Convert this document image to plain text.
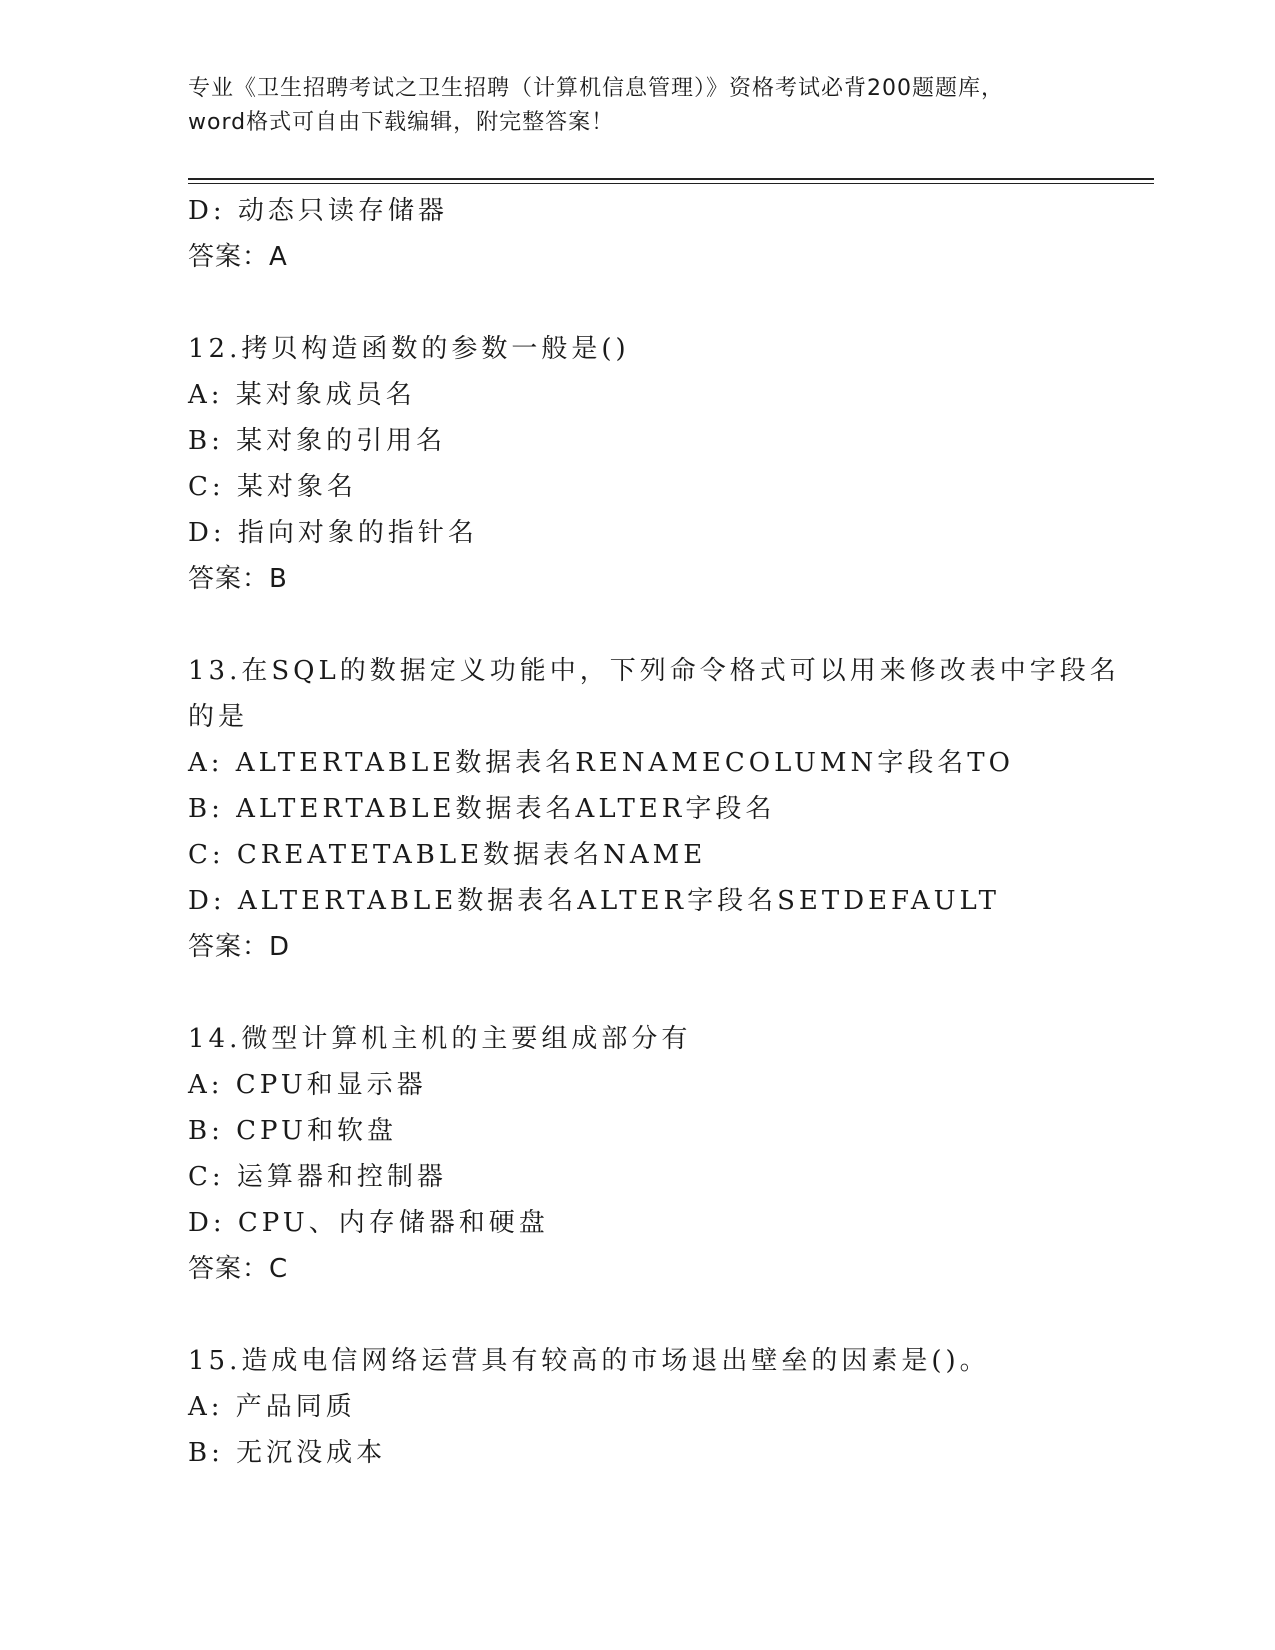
专业《卫生招聘考试之卫生招聘（计算机信息管理）》资格考试必背200题题库，
word格式可自由下载编辑，附完整答案！
D: 动态只读存储器
答案：A
12.拷贝构造函数的参数一般是()
A: 某对象成员名
B: 某对象的引用名
C: 某对象名
D: 指向对象的指针名
答案：B
13.在SQL的数据定义功能中，下列命令格式可以用来修改表中字段名
的是
A: ALTERTABLE数据表名RENAMECOLUMN字段名TO
B: ALTERTABLE数据表名ALTER字段名
C: CREATETABLE数据表名NAME
D: ALTERTABLE数据表名ALTER字段名SETDEFAULT
答案：D
14.微型计算机主机的主要组成部分有
A: CPU和显示器
B: CPU和软盘
C: 运算器和控制器
D: CPU、内存储器和硬盘
答案：C
15.造成电信网络运营具有较高的市场退出壁垒的因素是()。
A: 产品同质
B: 无沉没成本
